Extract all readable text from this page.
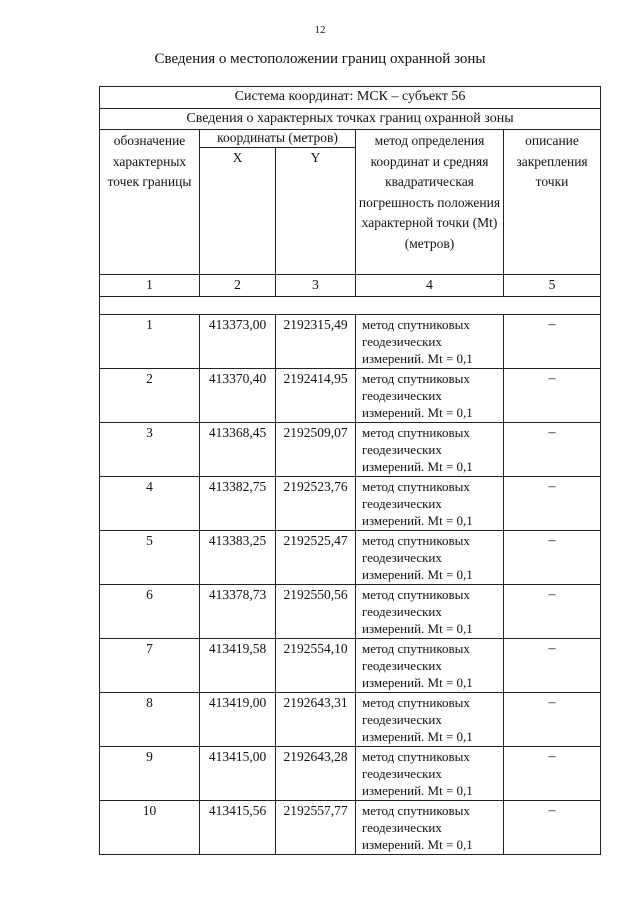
12
Сведения о местоположении границ охранной зоны
Система координат: МСК – субъект 56				
Сведения о характерных точках границ охранной зоны				
обозначение характерных точек границы	координаты (метров)		метод определения координат и средняя квадратическая погрешность положения характерной точки (Mt) (метров)	описание закрепления точки
	X	Y		
1	2	3	4	5

1	413373,00	2192315,49	метод спутниковых геодезических измерений. Mt = 0,1	–
2	413370,40	2192414,95	метод спутниковых геодезических измерений. Mt = 0,1	–
3	413368,45	2192509,07	метод спутниковых геодезических измерений. Mt = 0,1	–
4	413382,75	2192523,76	метод спутниковых геодезических измерений. Mt = 0,1	–
5	413383,25	2192525,47	метод спутниковых геодезических измерений. Mt = 0,1	–
6	413378,73	2192550,56	метод спутниковых геодезических измерений. Mt = 0,1	–
7	413419,58	2192554,10	метод спутниковых геодезических измерений. Mt = 0,1	–
8	413419,00	2192643,31	метод спутниковых геодезических измерений. Mt = 0,1	–
9	413415,00	2192643,28	метод спутниковых геодезических измерений. Mt = 0,1	–
10	413415,56	2192557,77	метод спутниковых геодезических измерений. Mt = 0,1	–
